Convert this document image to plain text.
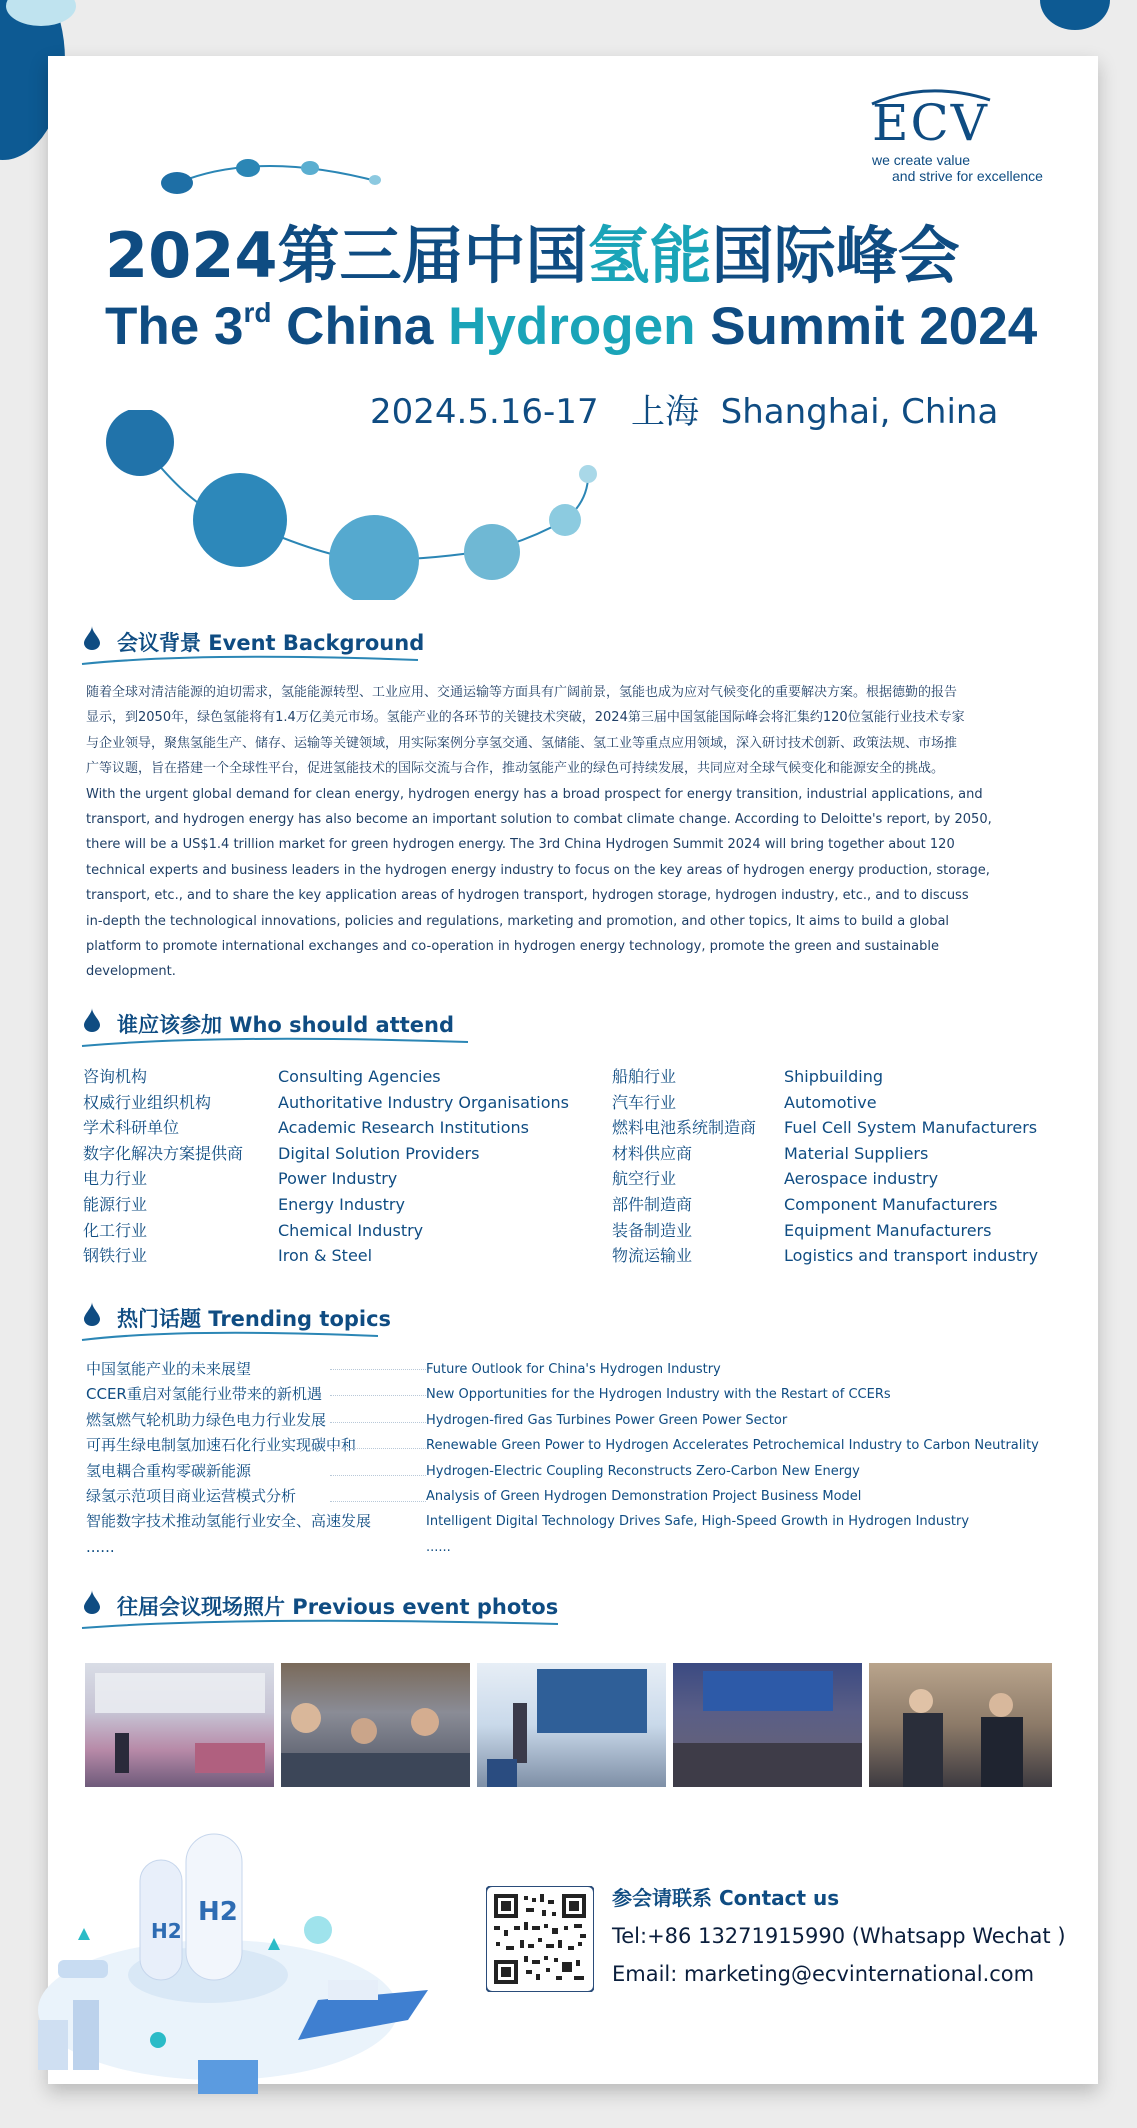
ECV
we create value
and strive for excellence
2024第三届中国氢能国际峰会
The 3rd China Hydrogen Summit 2024
2024.5.16-17 上海 Shanghai, China
会议背景 Event Background
随着全球对清洁能源的迫切需求，氢能能源转型、工业应用、交通运输等方面具有广阔前景，氢能也成为应对气候变化的重要解决方案。根据德勤的报告
显示，到2050年，绿色氢能将有1.4万亿美元市场。氢能产业的各环节的关键技术突破，2024第三届中国氢能国际峰会将汇集约120位氢能行业技术专家
与企业领导，聚焦氢能生产、储存、运输等关键领域，用实际案例分享氢交通、氢储能、氢工业等重点应用领域，深入研讨技术创新、政策法规、市场推
广等议题，旨在搭建一个全球性平台，促进氢能技术的国际交流与合作，推动氢能产业的绿色可持续发展，共同应对全球气候变化和能源安全的挑战。
With the urgent global demand for clean energy, hydrogen energy has a broad prospect for energy transition, industrial applications, and
transport, and hydrogen energy has also become an important solution to combat climate change. According to Deloitte's report, by 2050,
there will be a US$1.4 trillion market for green hydrogen energy. The 3rd China Hydrogen Summit 2024 will bring together about 120
technical experts and business leaders in the hydrogen energy industry to focus on the key areas of hydrogen energy production, storage,
transport, etc., and to share the key application areas of hydrogen transport, hydrogen storage, hydrogen industry, etc., and to discuss
in-depth the technological innovations, policies and regulations, marketing and promotion, and other topics, It aims to build a global
platform to promote international exchanges and co-operation in hydrogen energy technology, promote the green and sustainable
development.
谁应该参加 Who should attend
咨询机构
权威行业组织机构
学术科研单位
数字化解决方案提供商
电力行业
能源行业
化工行业
钢铁行业
Consulting Agencies
Authoritative Industry Organisations
Academic Research Institutions
Digital Solution Providers
Power Industry
Energy Industry
Chemical Industry
Iron & Steel
船舶行业
汽车行业
燃料电池系统制造商
材料供应商
航空行业
部件制造商
装备制造业
物流运输业
Shipbuilding
Automotive
Fuel Cell System Manufacturers
Material Suppliers
Aerospace industry
Component Manufacturers
Equipment Manufacturers
Logistics and transport industry
热门话题 Trending topics
中国氢能产业的未来展望
CCER重启对氢能行业带来的新机遇
燃氢燃气轮机助力绿色电力行业发展
可再生绿电制氢加速石化行业实现碳中和
氢电耦合重构零碳新能源
绿氢示范项目商业运营模式分析
智能数字技术推动氢能行业安全、高速发展
......
Future Outlook for China's Hydrogen Industry
New Opportunities for the Hydrogen Industry with the Restart of CCERs
Hydrogen-fired Gas Turbines Power Green Power Sector
Renewable Green Power to Hydrogen Accelerates Petrochemical Industry to Carbon Neutrality
Hydrogen-Electric Coupling Reconstructs Zero-Carbon New Energy
Analysis of Green Hydrogen Demonstration Project Business Model
Intelligent Digital Technology Drives Safe, High-Speed Growth in Hydrogen Industry
......
往届会议现场照片 Previous event photos
H2
H2	参会请联系 Contact us
Tel:+86 13271915990 (Whatsapp Wechat )
Email: marketing@ecvinternational.com
